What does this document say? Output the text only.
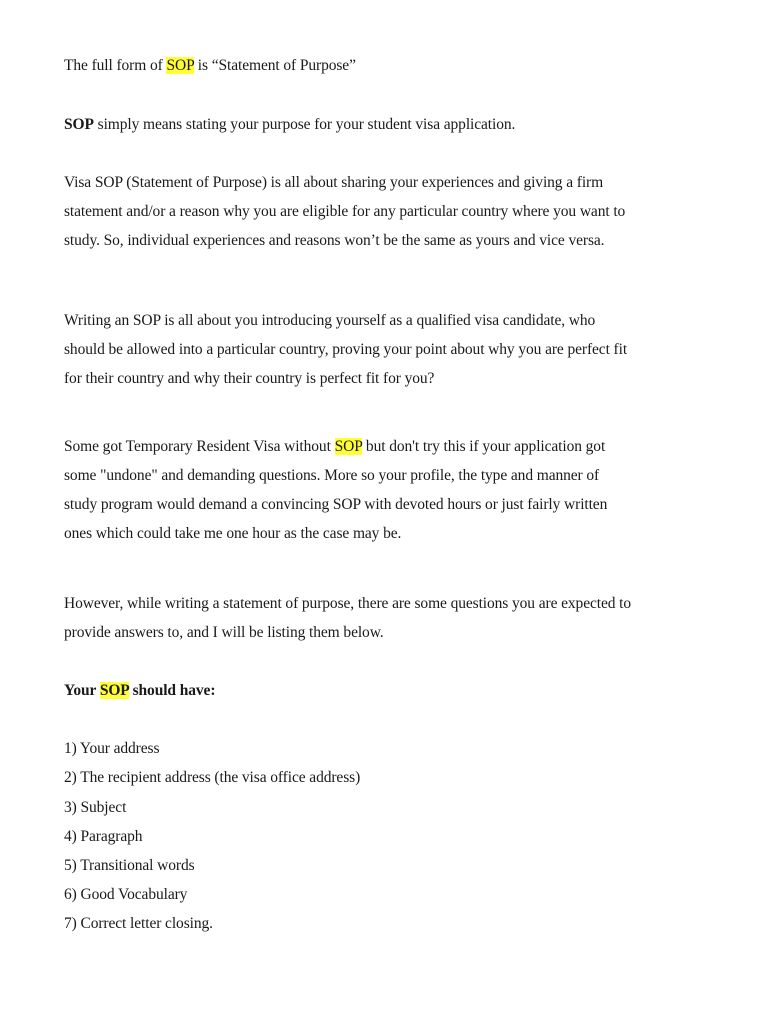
The full form of SOP is “Statement of Purpose”
SOP simply means stating your purpose for your student visa application.
Visa SOP (Statement of Purpose) is all about sharing your experiences and giving a firm
statement and/or a reason why you are eligible for any particular country where you want to
study. So, individual experiences and reasons won’t be the same as yours and vice versa.
Writing an SOP is all about you introducing yourself as a qualified visa candidate, who
should be allowed into a particular country, proving your point about why you are perfect fit
for their country and why their country is perfect fit for you?
Some got Temporary Resident Visa without SOP but don't try this if your application got
some "undone" and demanding questions. More so your profile, the type and manner of
study program would demand a convincing SOP with devoted hours or just fairly written
ones which could take me one hour as the case may be.
However, while writing a statement of purpose, there are some questions you are expected to
provide answers to, and I will be listing them below.
Your SOP should have:
1) Your address
2) The recipient address (the visa office address)
3) Subject
4) Paragraph
5) Transitional words
6) Good Vocabulary
7) Correct letter closing.
